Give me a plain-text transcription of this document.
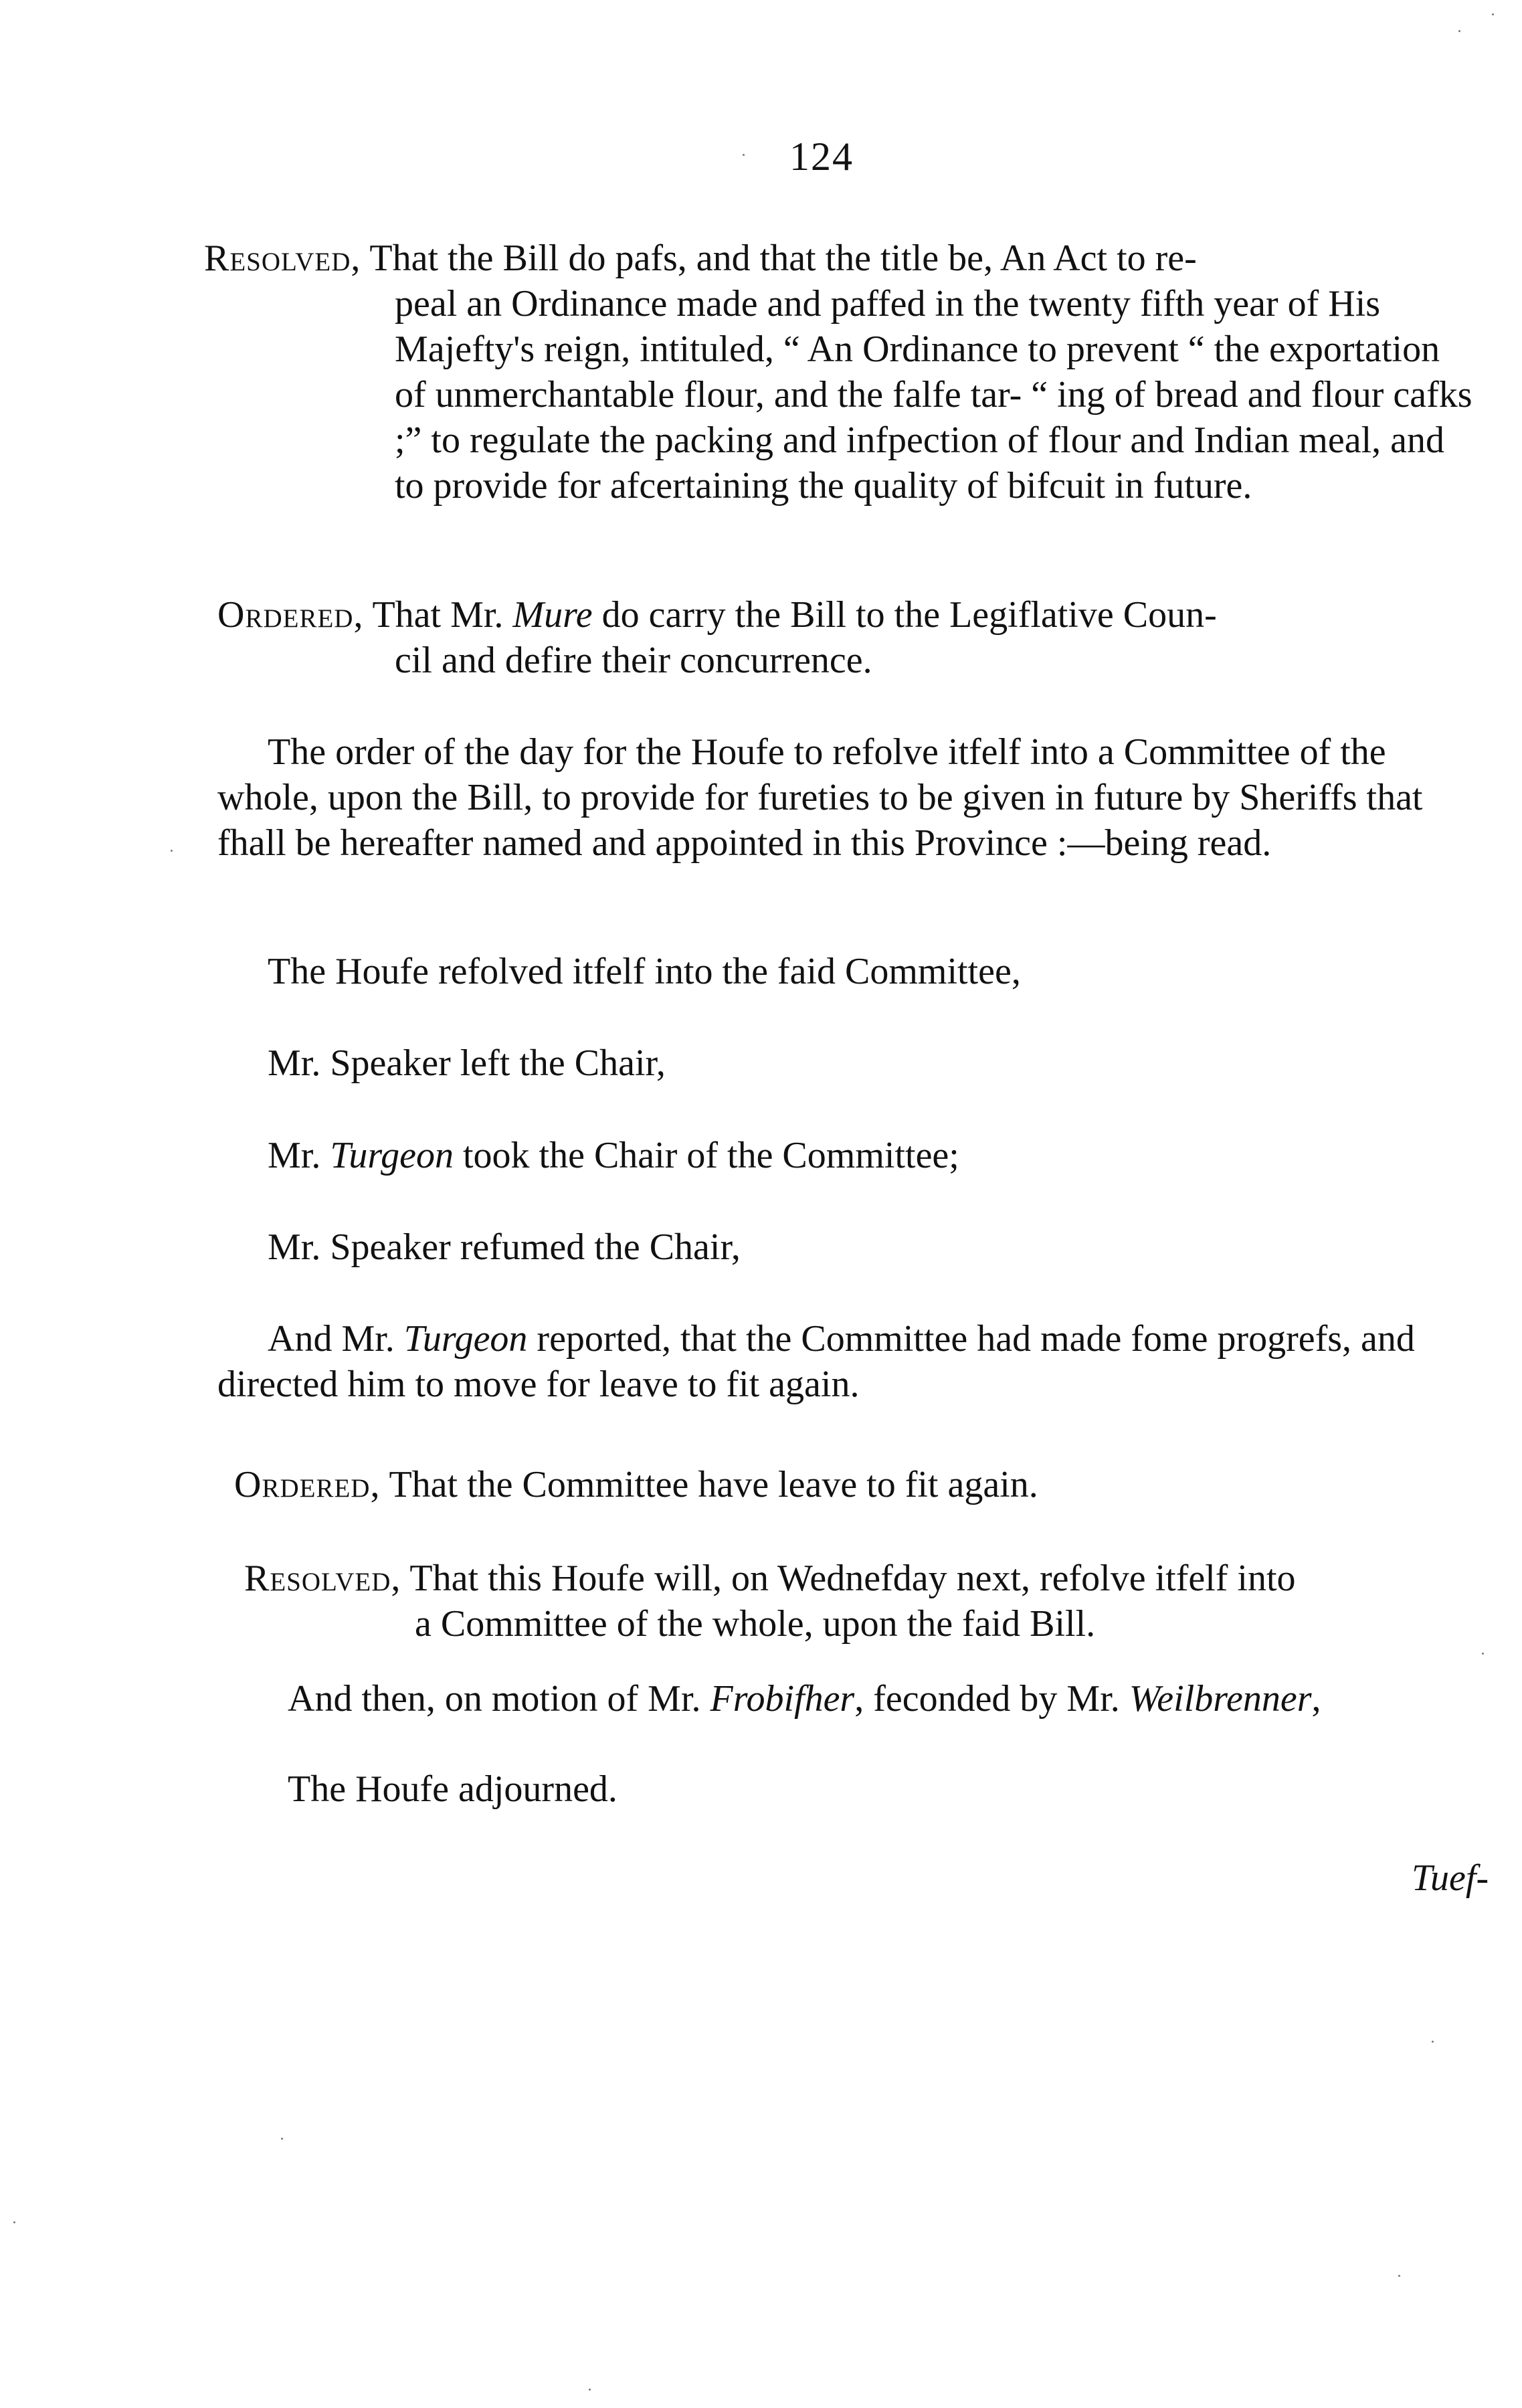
124

Resolved, That the Bill do pafs, and that the title be, An Act to re-
peal an Ordinance made and paffed in the twenty fifth year of His Majefty's reign, intituled, “ An Ordinance to prevent “ the exportation of unmerchantable flour, and the falfe tar- “ ing of bread and flour cafks ;” to regulate the packing and infpection of flour and Indian meal, and to provide for afcertaining the quality of bifcuit in future.

Ordered, That Mr. Mure do carry the Bill to the Legiflative Coun-
cil and defire their concurrence.

The order of the day for the Houfe to refolve itfelf into a Committee of the whole, upon the Bill, to provide for fureties to be given in future by Sheriffs that fhall be hereafter named and appointed in this Province :—being read.

The Houfe refolved itfelf into the faid Committee,

Mr. Speaker left the Chair,

Mr. Turgeon took the Chair of the Committee;

Mr. Speaker refumed the Chair,

And Mr. Turgeon reported, that the Committee had made fome progrefs, and directed him to move for leave to fit again.

Ordered, That the Committee have leave to fit again.

Resolved, That this Houfe will, on Wednefday next, refolve itfelf into
a Committee of the whole, upon the faid Bill.

And then, on motion of Mr. Frobifher, feconded by Mr. Weilbrenner,

The Houfe adjourned.

Tuef-
